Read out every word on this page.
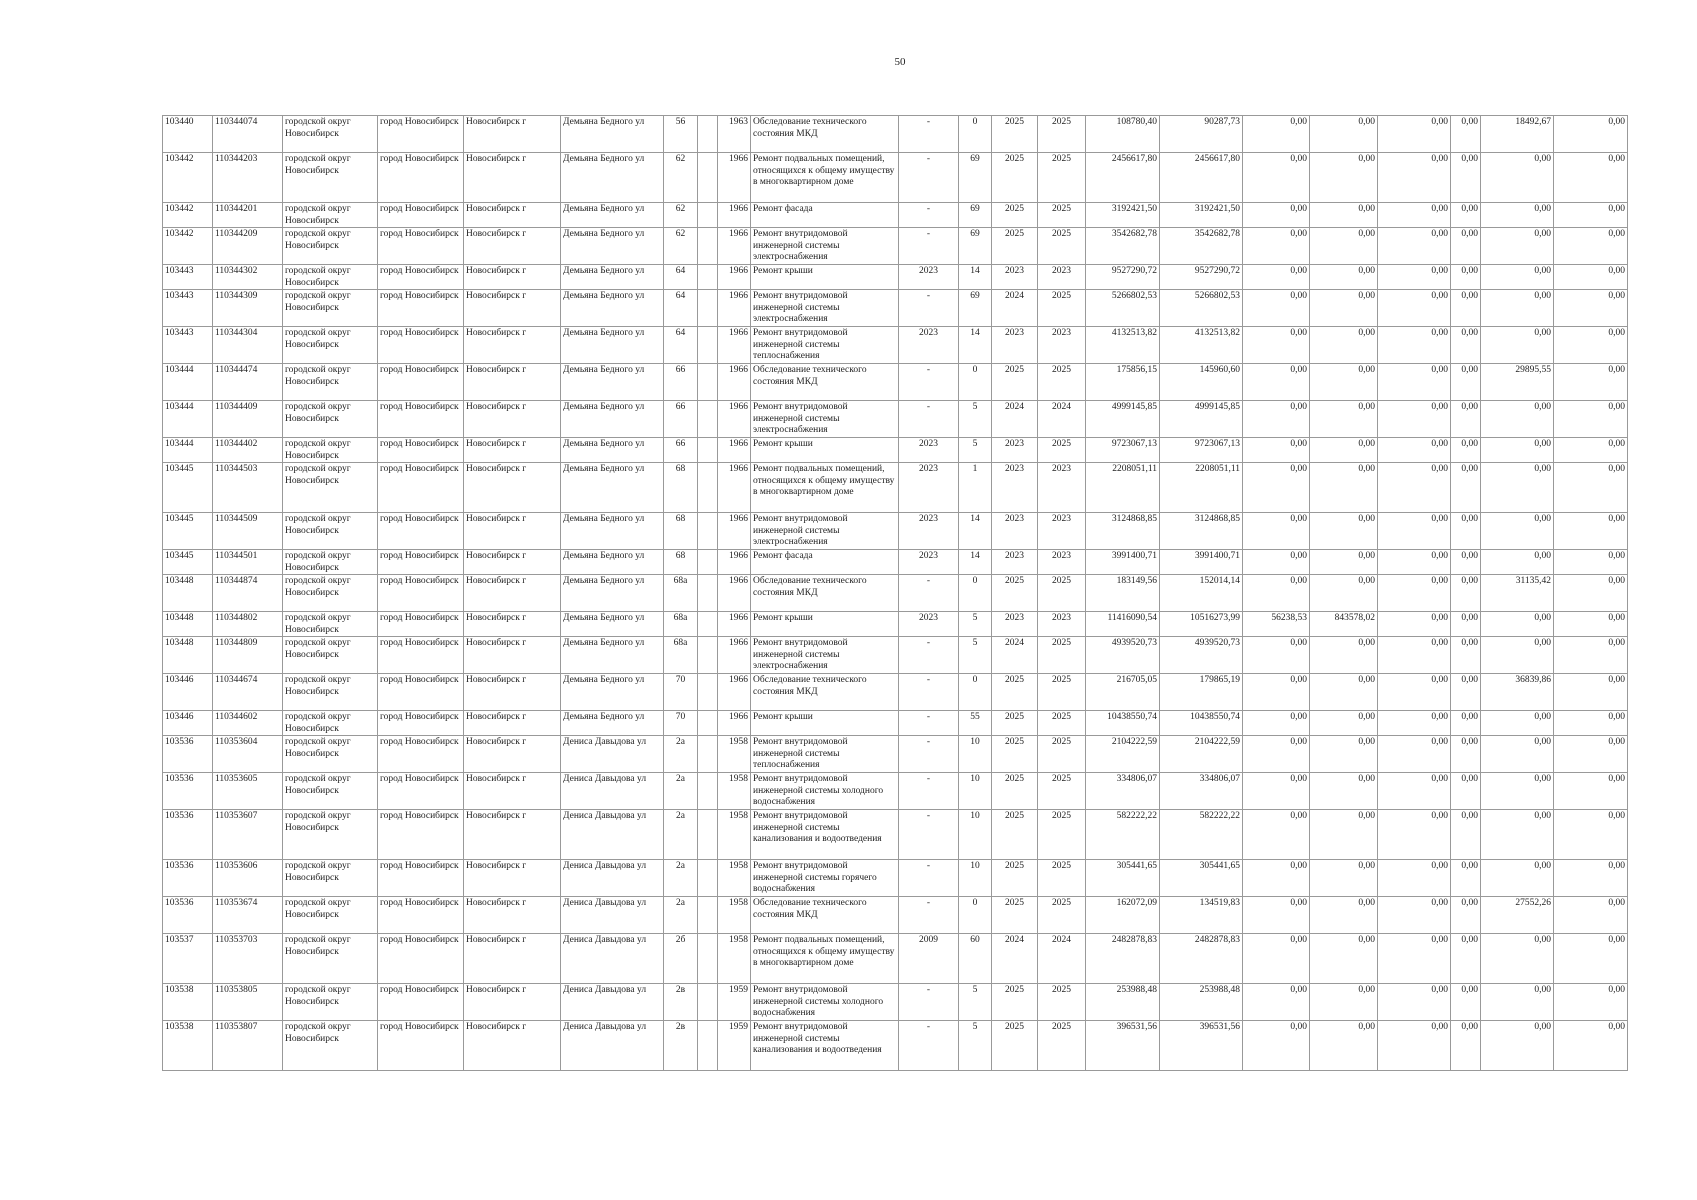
50
103440	110344074	городской округ Новосибирск	город Новосибирск	Новосибирск г	Демьяна Бедного ул	56		1963	Обследование технического состояния МКД	-	0	2025	2025	108780,40	90287,73	0,00	0,00	0,00	0,00	18492,67	0,00
103442	110344203	городской округ Новосибирск	город Новосибирск	Новосибирск г	Демьяна Бедного ул	62		1966	Ремонт подвальных помещений, относящихся к общему имуществу в многоквартирном доме	-	69	2025	2025	2456617,80	2456617,80	0,00	0,00	0,00	0,00	0,00	0,00
103442	110344201	городской округ Новосибирск	город Новосибирск	Новосибирск г	Демьяна Бедного ул	62		1966	Ремонт фасада	-	69	2025	2025	3192421,50	3192421,50	0,00	0,00	0,00	0,00	0,00	0,00
103442	110344209	городской округ Новосибирск	город Новосибирск	Новосибирск г	Демьяна Бедного ул	62		1966	Ремонт внутридомовой инженерной системы электроснабжения	-	69	2025	2025	3542682,78	3542682,78	0,00	0,00	0,00	0,00	0,00	0,00
103443	110344302	городской округ Новосибирск	город Новосибирск	Новосибирск г	Демьяна Бедного ул	64		1966	Ремонт крыши	2023	14	2023	2023	9527290,72	9527290,72	0,00	0,00	0,00	0,00	0,00	0,00
103443	110344309	городской округ Новосибирск	город Новосибирск	Новосибирск г	Демьяна Бедного ул	64		1966	Ремонт внутридомовой инженерной системы электроснабжения	-	69	2024	2025	5266802,53	5266802,53	0,00	0,00	0,00	0,00	0,00	0,00
103443	110344304	городской округ Новосибирск	город Новосибирск	Новосибирск г	Демьяна Бедного ул	64		1966	Ремонт внутридомовой инженерной системы теплоснабжения	2023	14	2023	2023	4132513,82	4132513,82	0,00	0,00	0,00	0,00	0,00	0,00
103444	110344474	городской округ Новосибирск	город Новосибирск	Новосибирск г	Демьяна Бедного ул	66		1966	Обследование технического состояния МКД	-	0	2025	2025	175856,15	145960,60	0,00	0,00	0,00	0,00	29895,55	0,00
103444	110344409	городской округ Новосибирск	город Новосибирск	Новосибирск г	Демьяна Бедного ул	66		1966	Ремонт внутридомовой инженерной системы электроснабжения	-	5	2024	2024	4999145,85	4999145,85	0,00	0,00	0,00	0,00	0,00	0,00
103444	110344402	городской округ Новосибирск	город Новосибирск	Новосибирск г	Демьяна Бедного ул	66		1966	Ремонт крыши	2023	5	2023	2025	9723067,13	9723067,13	0,00	0,00	0,00	0,00	0,00	0,00
103445	110344503	городской округ Новосибирск	город Новосибирск	Новосибирск г	Демьяна Бедного ул	68		1966	Ремонт подвальных помещений, относящихся к общему имуществу в многоквартирном доме	2023	1	2023	2023	2208051,11	2208051,11	0,00	0,00	0,00	0,00	0,00	0,00
103445	110344509	городской округ Новосибирск	город Новосибирск	Новосибирск г	Демьяна Бедного ул	68		1966	Ремонт внутридомовой инженерной системы электроснабжения	2023	14	2023	2023	3124868,85	3124868,85	0,00	0,00	0,00	0,00	0,00	0,00
103445	110344501	городской округ Новосибирск	город Новосибирск	Новосибирск г	Демьяна Бедного ул	68		1966	Ремонт фасада	2023	14	2023	2023	3991400,71	3991400,71	0,00	0,00	0,00	0,00	0,00	0,00
103448	110344874	городской округ Новосибирск	город Новосибирск	Новосибирск г	Демьяна Бедного ул	68а		1966	Обследование технического состояния МКД	-	0	2025	2025	183149,56	152014,14	0,00	0,00	0,00	0,00	31135,42	0,00
103448	110344802	городской округ Новосибирск	город Новосибирск	Новосибирск г	Демьяна Бедного ул	68а		1966	Ремонт крыши	2023	5	2023	2023	11416090,54	10516273,99	56238,53	843578,02	0,00	0,00	0,00	0,00
103448	110344809	городской округ Новосибирск	город Новосибирск	Новосибирск г	Демьяна Бедного ул	68а		1966	Ремонт внутридомовой инженерной системы электроснабжения	-	5	2024	2025	4939520,73	4939520,73	0,00	0,00	0,00	0,00	0,00	0,00
103446	110344674	городской округ Новосибирск	город Новосибирск	Новосибирск г	Демьяна Бедного ул	70		1966	Обследование технического состояния МКД	-	0	2025	2025	216705,05	179865,19	0,00	0,00	0,00	0,00	36839,86	0,00
103446	110344602	городской округ Новосибирск	город Новосибирск	Новосибирск г	Демьяна Бедного ул	70		1966	Ремонт крыши	-	55	2025	2025	10438550,74	10438550,74	0,00	0,00	0,00	0,00	0,00	0,00
103536	110353604	городской округ Новосибирск	город Новосибирск	Новосибирск г	Дениса Давыдова ул	2а		1958	Ремонт внутридомовой инженерной системы теплоснабжения	-	10	2025	2025	2104222,59	2104222,59	0,00	0,00	0,00	0,00	0,00	0,00
103536	110353605	городской округ Новосибирск	город Новосибирск	Новосибирск г	Дениса Давыдова ул	2а		1958	Ремонт внутридомовой инженерной системы холодного водоснабжения	-	10	2025	2025	334806,07	334806,07	0,00	0,00	0,00	0,00	0,00	0,00
103536	110353607	городской округ Новосибирск	город Новосибирск	Новосибирск г	Дениса Давыдова ул	2а		1958	Ремонт внутридомовой инженерной системы канализования и водоотведения	-	10	2025	2025	582222,22	582222,22	0,00	0,00	0,00	0,00	0,00	0,00
103536	110353606	городской округ Новосибирск	город Новосибирск	Новосибирск г	Дениса Давыдова ул	2а		1958	Ремонт внутридомовой инженерной системы горячего водоснабжения	-	10	2025	2025	305441,65	305441,65	0,00	0,00	0,00	0,00	0,00	0,00
103536	110353674	городской округ Новосибирск	город Новосибирск	Новосибирск г	Дениса Давыдова ул	2а		1958	Обследование технического состояния МКД	-	0	2025	2025	162072,09	134519,83	0,00	0,00	0,00	0,00	27552,26	0,00
103537	110353703	городской округ Новосибирск	город Новосибирск	Новосибирск г	Дениса Давыдова ул	2б		1958	Ремонт подвальных помещений, относящихся к общему имуществу в многоквартирном доме	2009	60	2024	2024	2482878,83	2482878,83	0,00	0,00	0,00	0,00	0,00	0,00
103538	110353805	городской округ Новосибирск	город Новосибирск	Новосибирск г	Дениса Давыдова ул	2в		1959	Ремонт внутридомовой инженерной системы холодного водоснабжения	-	5	2025	2025	253988,48	253988,48	0,00	0,00	0,00	0,00	0,00	0,00
103538	110353807	городской округ Новосибирск	город Новосибирск	Новосибирск г	Дениса Давыдова ул	2в		1959	Ремонт внутридомовой инженерной системы канализования и водоотведения	-	5	2025	2025	396531,56	396531,56	0,00	0,00	0,00	0,00	0,00	0,00
